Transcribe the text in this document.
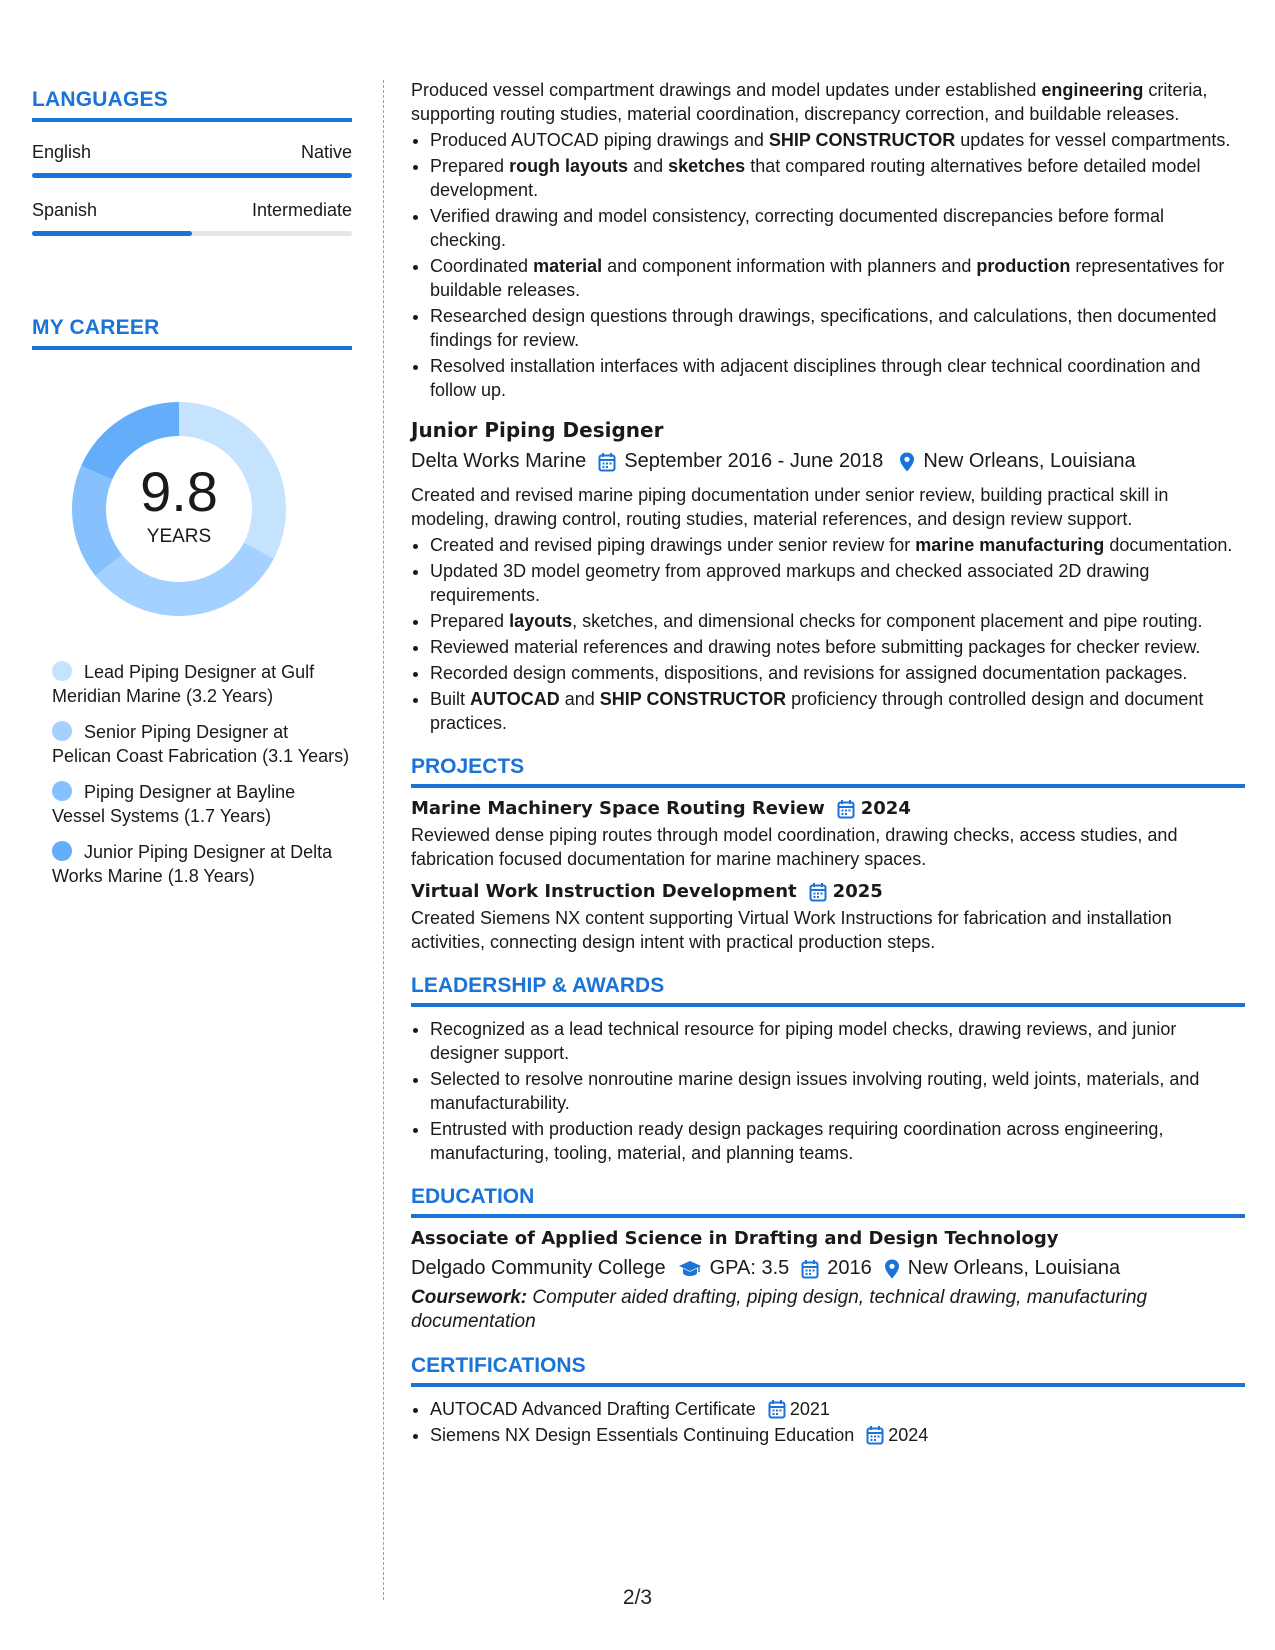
LANGUAGES
English	Native
Spanish	Intermediate
MY CAREER
9.8
YEARS
Lead Piping Designer at Gulf Meridian Marine (3.2 Years)
Senior Piping Designer at Pelican Coast Fabrication (3.1 Years)
Piping Designer at Bayline Vessel Systems (1.7 Years)
Junior Piping Designer at Delta Works Marine (1.8 Years)

Produced vessel compartment drawings and model updates under established engineering criteria, supporting routing studies, material coordination, discrepancy correction, and buildable releases.

• Produced AUTOCAD piping drawings and SHIP CONSTRUCTOR updates for vessel compartments.
• Prepared rough layouts and sketches that compared routing alternatives before detailed model development.
• Verified drawing and model consistency, correcting documented discrepancies before formal checking.
• Coordinated material and component information with planners and production representatives for buildable releases.
• Researched design questions through drawings, specifications, and calculations, then documented findings for review.
• Resolved installation interfaces with adjacent disciplines through clear technical coordination and follow up.
Junior Piping Designer
Delta Works Marine September 2016 - June 2018 New Orleans, Louisiana

Created and revised marine piping documentation under senior review, building practical skill in modeling, drawing control, routing studies, material references, and design review support.

• Created and revised piping drawings under senior review for marine manufacturing documentation.
• Updated 3D model geometry from approved markups and checked associated 2D drawing requirements.
• Prepared layouts, sketches, and dimensional checks for component placement and pipe routing.
• Reviewed material references and drawing notes before submitting packages for checker review.
• Recorded design comments, dispositions, and revisions for assigned documentation packages.
• Built AUTOCAD and SHIP CONSTRUCTOR proficiency through controlled design and document practices.
PROJECTS
Marine Machinery Space Routing Review 2024
Reviewed dense piping routes through model coordination, drawing checks, access studies, and fabrication focused documentation for marine machinery spaces.
Virtual Work Instruction Development 2025
Created Siemens NX content supporting Virtual Work Instructions for fabrication and installation activities, connecting design intent with practical production steps.
LEADERSHIP & AWARDS
• Recognized as a lead technical resource for piping model checks, drawing reviews, and junior designer support.
• Selected to resolve nonroutine marine design issues involving routing, weld joints, materials, and manufacturability.
• Entrusted with production ready design packages requiring coordination across engineering, manufacturing, tooling, material, and planning teams.
EDUCATION
Associate of Applied Science in Drafting and Design Technology
Delgado Community College GPA: 3.5 2016 New Orleans, Louisiana
Coursework: Computer aided drafting, piping design, technical drawing, manufacturing documentation
CERTIFICATIONS
• AUTOCAD Advanced Drafting Certificate 2021
• Siemens NX Design Essentials Continuing Education 2024
2/3
